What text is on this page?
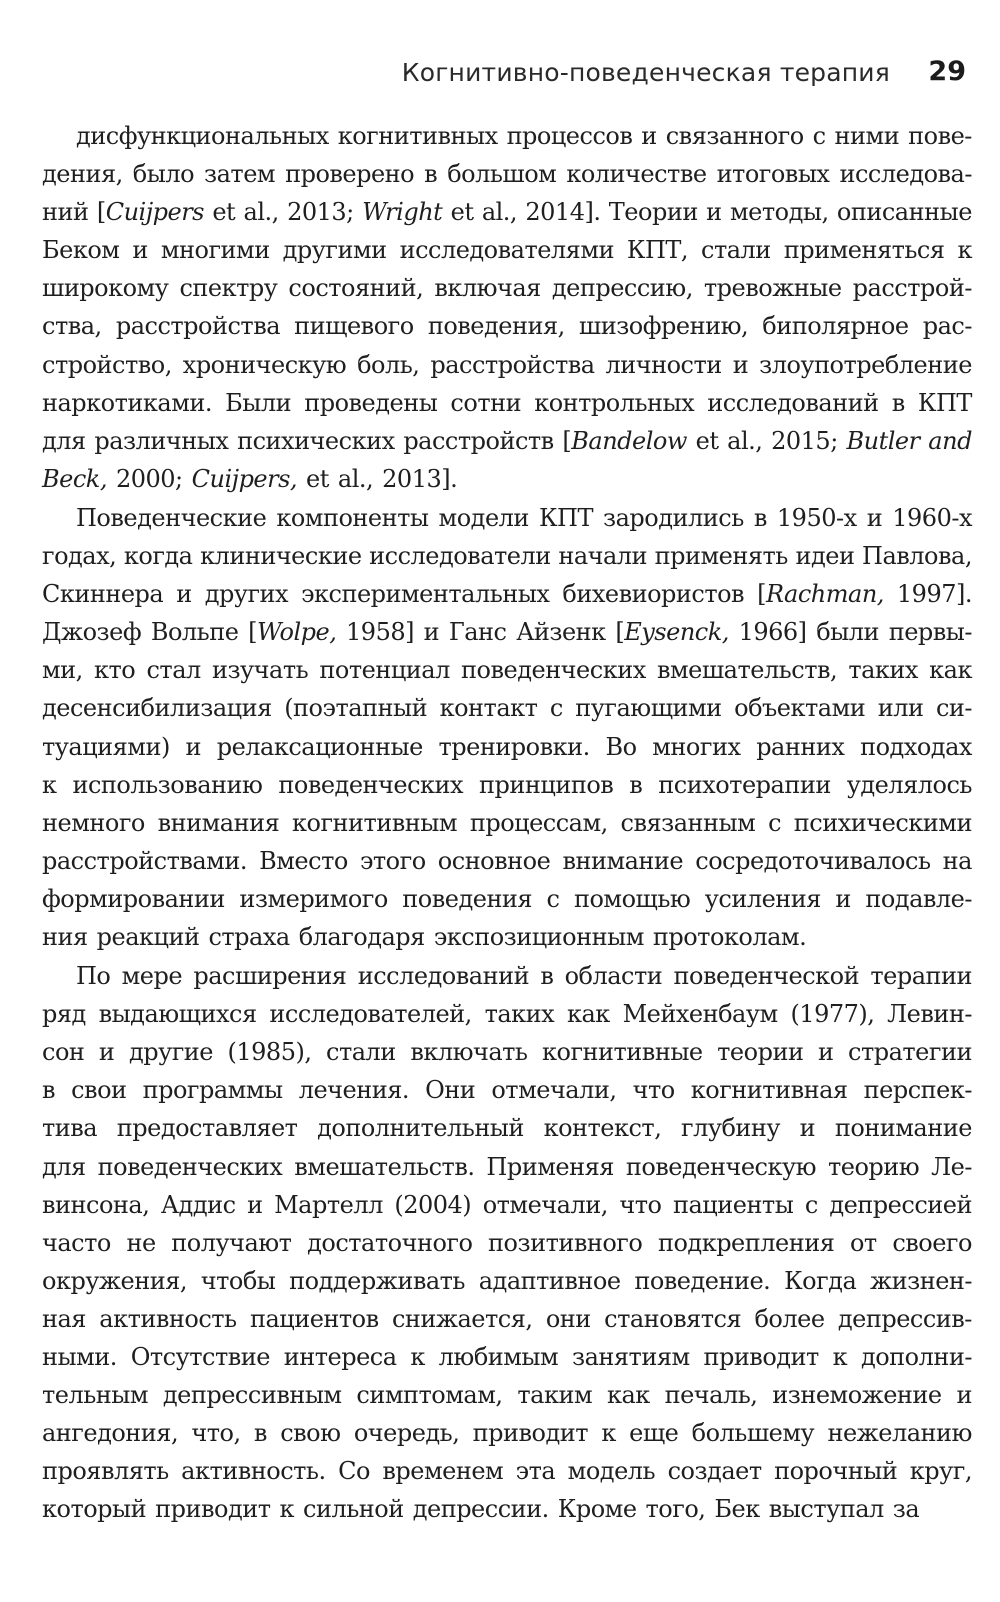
Когнитивно-поведенческая терапия 29
дисфункциональных когнитивных процессов и связанного с ними пове-
дения, было затем проверено в большом количестве итоговых исследова-
ний [Cuijpers et al., 2013; Wright et al., 2014]. Теории и методы, описанные
Беком и многими другими исследователями КПТ, стали применяться к
широкому спектру состояний, включая депрессию, тревожные расстрой-
ства, расстройства пищевого поведения, шизофрению, биполярное рас-
стройство, хроническую боль, расстройства личности и злоупотребление
наркотиками. Были проведены сотни контрольных исследований в КПТ
для различных психических расстройств [Bandelow et al., 2015; Butler and
Beck, 2000; Cuijpers, et al., 2013].
Поведенческие компоненты модели КПТ зародились в 1950-х и 1960-х
годах, когда клинические исследователи начали применять идеи Павлова,
Скиннера и других экспериментальных бихевиористов [Rachman, 1997].
Джозеф Вольпе [Wolpe, 1958] и Ганс Айзенк [Eysenck, 1966] были первы-
ми, кто стал изучать потенциал поведенческих вмешательств, таких как
десенсибилизация (поэтапный контакт с пугающими объектами или си-
туациями) и релаксационные тренировки. Во многих ранних подходах
к использованию поведенческих принципов в психотерапии уделялось
немного внимания когнитивным процессам, связанным с психическими
расстройствами. Вместо этого основное внимание сосредоточивалось на
формировании измеримого поведения с помощью усиления и подавле-
ния реакций страха благодаря экспозиционным протоколам.
По мере расширения исследований в области поведенческой терапии
ряд выдающихся исследователей, таких как Мейхенбаум (1977), Левин-
сон и другие (1985), стали включать когнитивные теории и стратегии
в свои программы лечения. Они отмечали, что когнитивная перспек-
тива предоставляет дополнительный контекст, глубину и понимание
для поведенческих вмешательств. Применяя поведенческую теорию Ле-
винсона, Аддис и Мартелл (2004) отмечали, что пациенты с депрессией
часто не получают достаточного позитивного подкрепления от своего
окружения, чтобы поддерживать адаптивное поведение. Когда жизнен-
ная активность пациентов снижается, они становятся более депрессив-
ными. Отсутствие интереса к любимым занятиям приводит к дополни-
тельным депрессивным симптомам, таким как печаль, изнеможение и
ангедония, что, в свою очередь, приводит к еще большему нежеланию
проявлять активность. Со временем эта модель создает порочный круг,
который приводит к сильной депрессии. Кроме того, Бек выступал за
